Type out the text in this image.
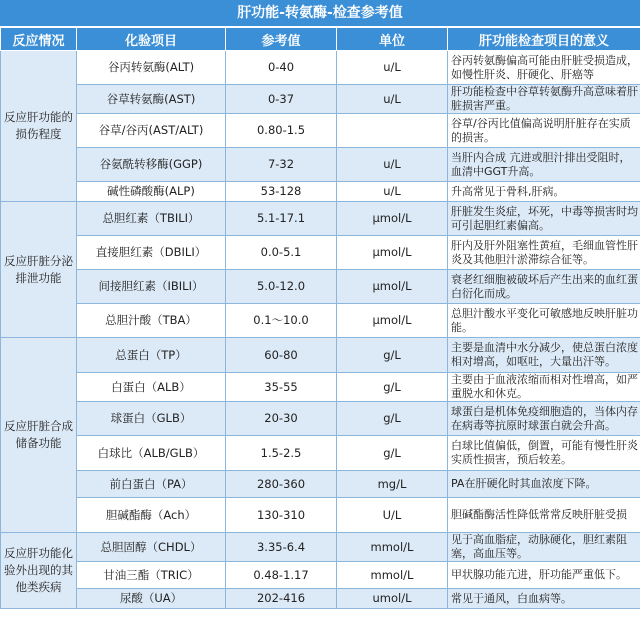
肝功能-转氨酶-检查参考值
反应情况	化验项目	参考值	单位	肝功能检查项目的意义
反应肝功能的
损伤程度	谷丙转氨酶(ALT)	0-40	u/L	谷丙转氨酶偏高可能由肝脏受损造成，如慢性肝炎、肝硬化、肝癌等
	谷草转氨酶(AST)	0-37	u/L	肝功能检查中谷草转氨酶升高意味着肝脏损害严重。
	谷草/谷丙(AST/ALT)	0.80-1.5		谷草/谷丙比值偏高说明肝脏存在实质的损害。
	谷氨酰转移酶(GGP)	7-32	u/L	当肝内合成 亢进或胆汁排出受阻时，血清中GGT升高。
	碱性磷酸酶(ALP)	53-128	u/L	升高常见于骨科,肝病。
反应肝脏分泌
排泄功能	总胆红素（TBILI）	5.1-17.1	μmol/L	肝脏发生炎症，坏死，中毒等损害时均可引起胆红素偏高。
	直接胆红素（DBILI）	0.0-5.1	μmol/L	肝内及肝外阻塞性黄疸，毛细血管性肝炎及其他胆汁淤滞综合征等。
	间接胆红素（IBILI）	5.0-12.0	μmol/L	衰老红细胞被破坏后产生出来的血红蛋白衍化而成。
	总胆汁酸（TBA）	0.1～10.0	μmol/L	总胆汁酸水平变化可敏感地反映肝脏功能。
反应肝脏合成
储备功能	总蛋白（TP）	60-80	g/L	主要是血清中水分减少，使总蛋白浓度相对增高，如呕吐，大量出汗等。
	白蛋白（ALB）	35-55	g/L	主要由于血液浓缩而相对性增高，如严重脱水和休克。
	球蛋白（GLB）	20-30	g/L	球蛋白是机体免疫细胞造的，当体内存在病毒等抗原时球蛋白就会升高。
	白球比（ALB/GLB）	1.5-2.5	g/L	白球比值偏低，倒置，可能有慢性肝炎实质性损害，预后较差。
	前白蛋白（PA）	280-360	mg/L	PA在肝硬化时其血浓度下降。
	胆碱酯酶（Ach）	130-310	U/L	胆碱酯酶活性降低常常反映肝脏受损
反应肝功能化
验外出现的其
他类疾病	总胆固醇（CHDL）	3.35-6.4	mmol/L	见于高血脂症，动脉硬化，胆红素阻塞，高血压等。
	甘油三酯（TRIC）	0.48-1.17	mmol/L	甲状腺功能亢进，肝功能严重低下。
	尿酸（UA）	202-416	umol/L	常见于通风，白血病等。
